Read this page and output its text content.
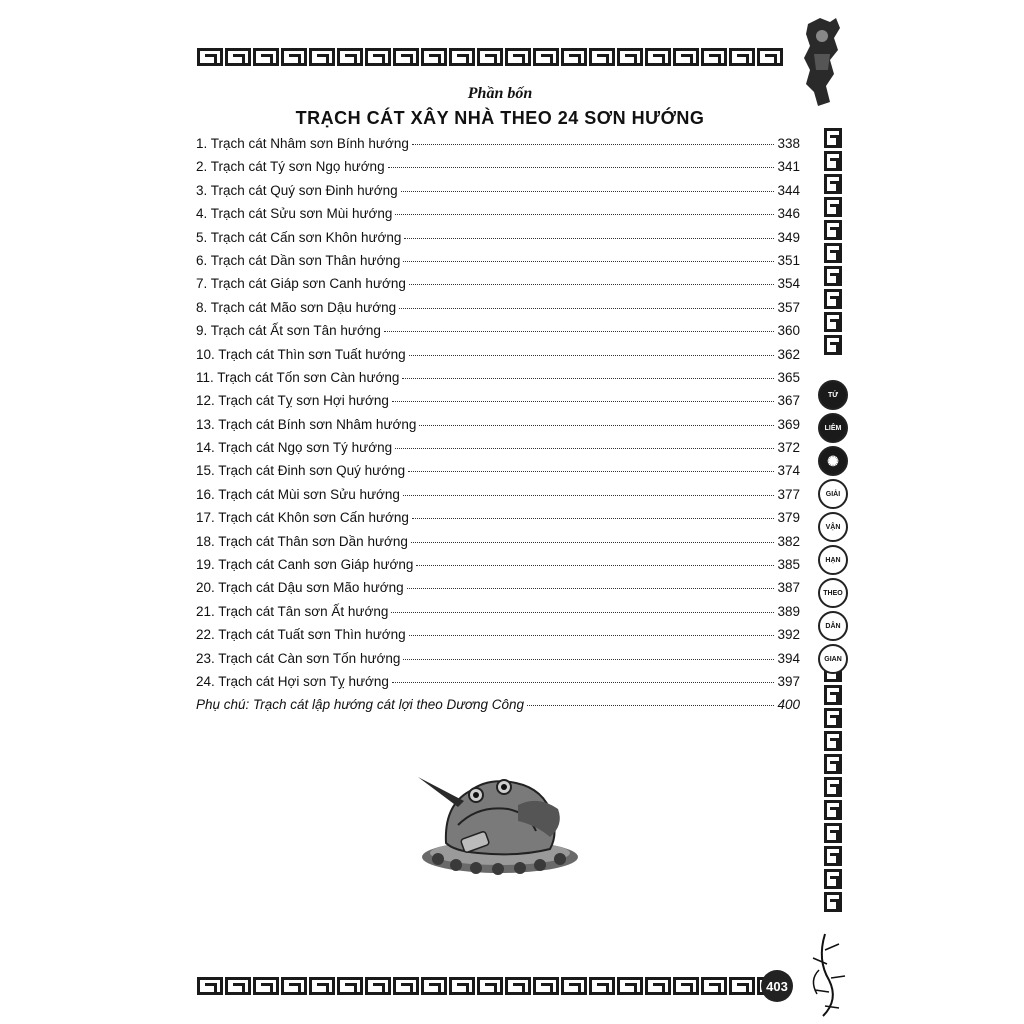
Phần bốn
TRẠCH CÁT XÂY NHÀ THEO 24 SƠN HƯỚNG
1. Trạch cát Nhâm sơn Bính hướng	338
2. Trạch cát Tý sơn Ngọ hướng	341
3. Trạch cát Quý sơn Đinh hướng	344
4. Trạch cát Sửu sơn Mùi hướng	346
5. Trạch cát Cấn sơn Khôn hướng	349
6. Trạch cát Dần sơn Thân hướng	351
7. Trạch cát Giáp sơn Canh hướng	354
8. Trạch cát Mão sơn Dậu hướng	357
9. Trạch cát Ất sơn Tân hướng	360
10. Trạch cát Thìn sơn Tuất hướng	362
11. Trạch cát Tốn sơn Càn hướng	365
12. Trạch cát Tỵ sơn Hợi hướng	367
13. Trạch cát Bính sơn Nhâm hướng	369
14. Trạch cát Ngọ sơn Tý hướng	372
15. Trạch cát Đinh sơn Quý hướng	374
16. Trạch cát Mùi sơn Sửu hướng	377
17. Trạch cát Khôn sơn Cấn hướng	379
18. Trạch cát Thân sơn Dần hướng	382
19. Trạch cát Canh sơn Giáp hướng	385
20. Trạch cát Dậu sơn Mão hướng	387
21. Trạch cát Tân sơn Ất hướng	389
22. Trạch cát Tuất sơn Thìn hướng	392
23. Trạch cát Càn sơn Tốn hướng	394
24. Trạch cát Hợi sơn Tỵ hướng	397
Phụ chú: Trạch cát lập hướng cát lợi theo Dương Công	400
TỨ
LIÊM
✺
GIẢI
VẬN
HẠN
THEO
DÂN
GIAN
403
